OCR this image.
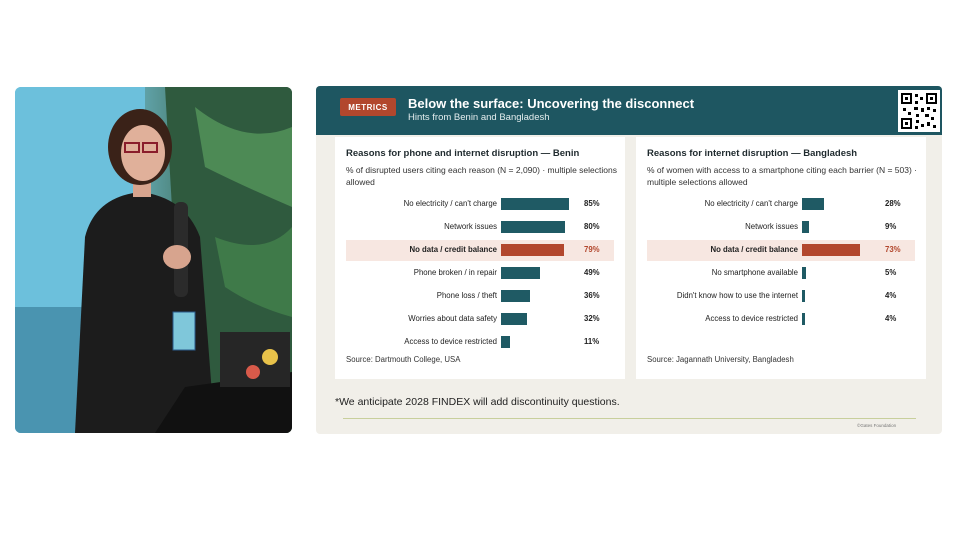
METRICS	Below the surface: Uncovering the disconnect
Hints from Benin and Bangladesh
Reasons for phone and internet disruption — Benin
% of disrupted users citing each reason (N = 2,090) · multiple selections allowed
No electricity / can't charge	85%
Network issues	80%
No data / credit balance	79%
Phone broken / in repair	49%
Phone loss / theft	36%
Worries about data safety	32%
Access to device restricted	11%
Source: Dartmouth College, USA
Reasons for internet disruption — Bangladesh
% of women with access to a smartphone citing each barrier (N = 503) · multiple selections allowed
No electricity / can't charge	28%
Network issues	9%
No data / credit balance	73%
No smartphone available	5%
Didn't know how to use the internet	4%
Access to device restricted	4%
Source: Jagannath University, Bangladesh
*We anticipate 2028 FINDEX will add discontinuity questions.
©Gates Foundation
